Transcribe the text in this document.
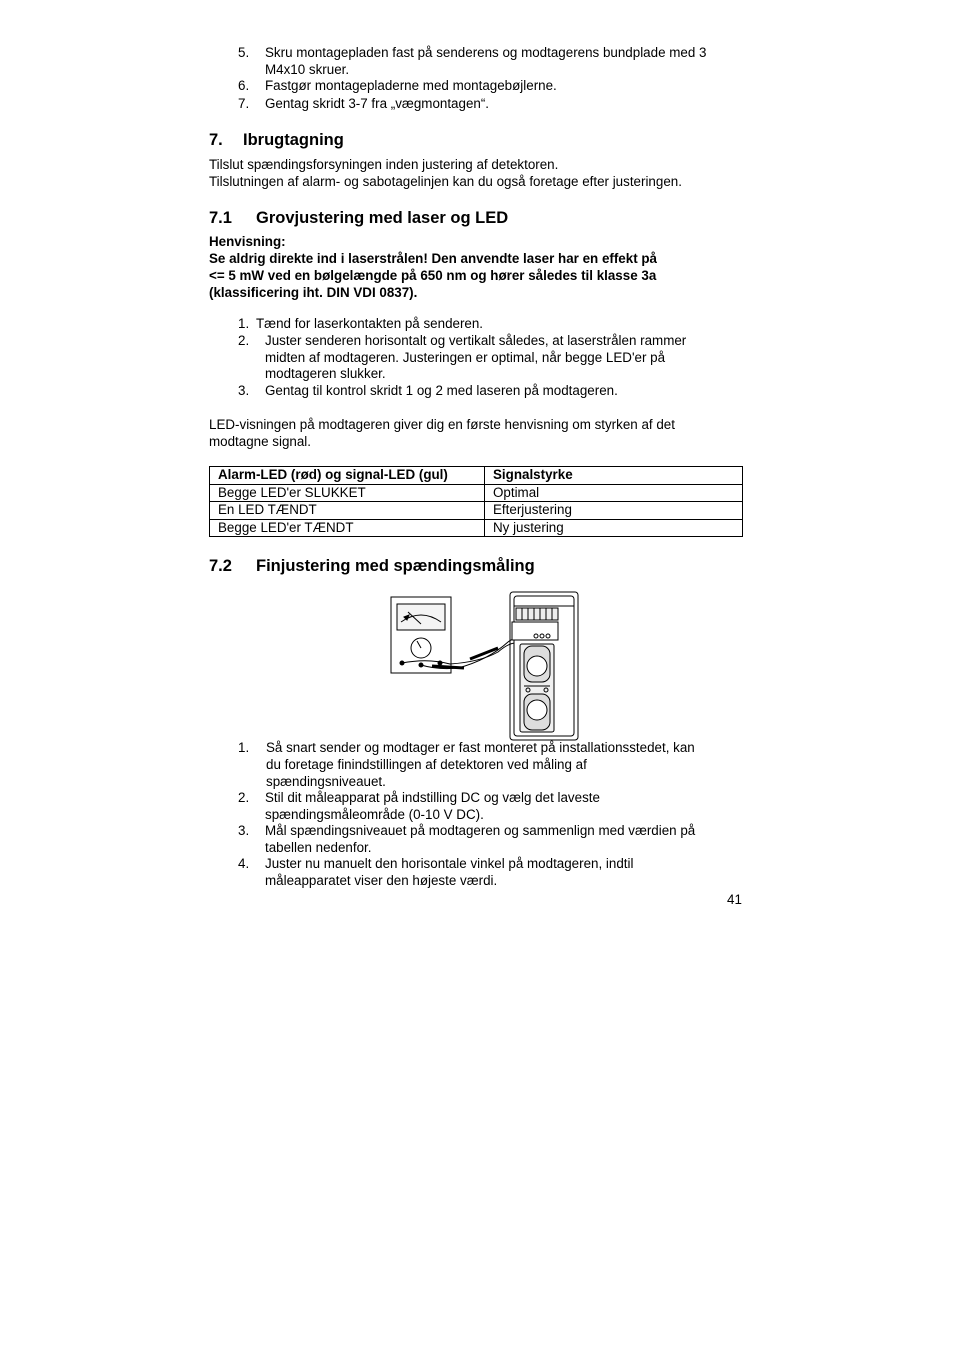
5. Skru montagepladen fast på senderens og modtagerens bundplade med 3
M4x10 skruer.
6. Fastgør montagepladerne med montagebøjlerne.
7. Gentag skridt 3-7 fra „vægmontagen“.
7. Ibrugtagning

Tilslut spændingsforsyningen inden justering af detektoren.

Tilslutningen af alarm- og sabotagelinjen kan du også foretage efter justeringen.

7.1 Grovjustering med laser og LED

Henvisning:

Se aldrig direkte ind i laserstrålen! Den anvendte laser har en effekt på

<= 5 mW ved en bølgelængde på 650 nm og hører således til klasse 3a

(klassificering iht. DIN VDI 0837).

1. Tænd for laserkontakten på senderen.
2. Juster senderen horisontalt og vertikalt således, at laserstrålen rammer
midten af modtageren. Justeringen er optimal, når begge LED'er på
modtageren slukker.
3. Gentag til kontrol skridt 1 og 2 med laseren på modtageren.

LED-visningen på modtageren giver dig en første henvisning om styrken af det

modtagne signal.

Alarm-LED (rød) og signal-LED (gul)	Signalstyrke
Begge LED'er SLUKKET	Optimal
En LED TÆNDT	Efterjustering
Begge LED'er TÆNDT	Ny justering
7.2 Finjustering med spændingsmåling
1. Så snart sender og modtager er fast monteret på installationsstedet, kan
du foretage finindstillingen af detektoren ved måling af
spændingsniveauet.
2. Stil dit måleapparat på indstilling DC og vælg det laveste
spændingsmåleområde (0-10 V DC).
3. Mål spændingsniveauet på modtageren og sammenlign med værdien på
tabellen nedenfor.
4. Juster nu manuelt den horisontale vinkel på modtageren, indtil
måleapparatet viser den højeste værdi.
41
